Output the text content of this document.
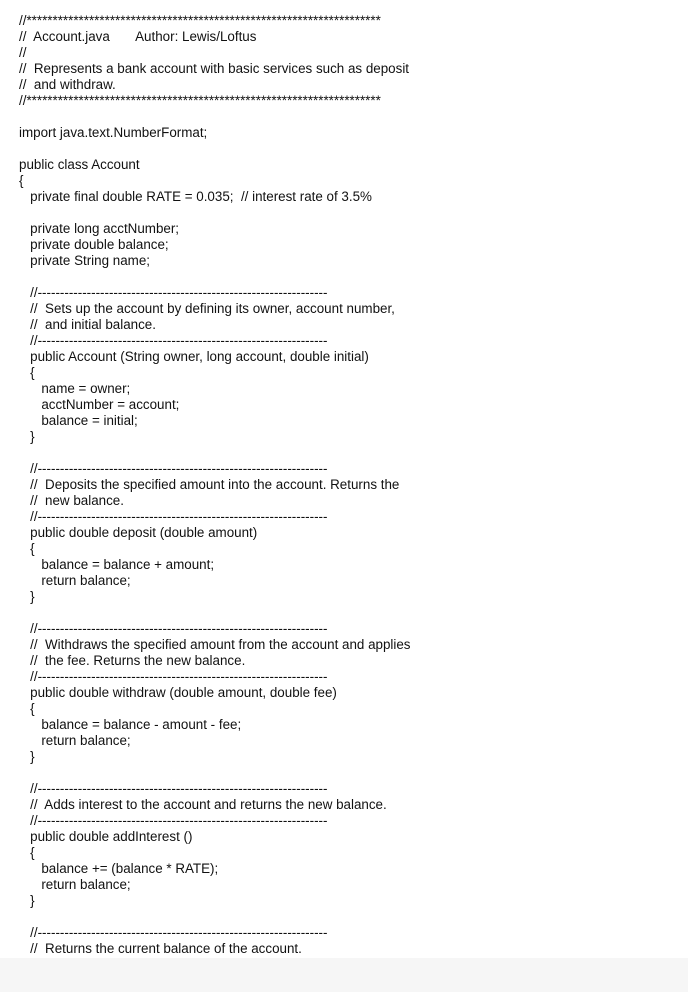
//********************************************************************
//  Account.java       Author: Lewis/Loftus
//
//  Represents a bank account with basic services such as deposit
//  and withdraw.
//********************************************************************
import java.text.NumberFormat;
public class Account
{
private final double RATE = 0.035;  // interest rate of 3.5%
private long acctNumber;
private double balance;
private String name;
//-----------------------------------------------------------------
//  Sets up the account by defining its owner, account number,
//  and initial balance.
//-----------------------------------------------------------------
public Account (String owner, long account, double initial)
{
name = owner;
acctNumber = account;
balance = initial;
}
//-----------------------------------------------------------------
//  Deposits the specified amount into the account. Returns the
//  new balance.
//-----------------------------------------------------------------
public double deposit (double amount)
{
balance = balance + amount;
return balance;
}
//-----------------------------------------------------------------
//  Withdraws the specified amount from the account and applies
//  the fee. Returns the new balance.
//-----------------------------------------------------------------
public double withdraw (double amount, double fee)
{
balance = balance - amount - fee;
return balance;
}
//-----------------------------------------------------------------
//  Adds interest to the account and returns the new balance.
//-----------------------------------------------------------------
public double addInterest ()
{
balance += (balance * RATE);
return balance;
}
//-----------------------------------------------------------------
//  Returns the current balance of the account.
